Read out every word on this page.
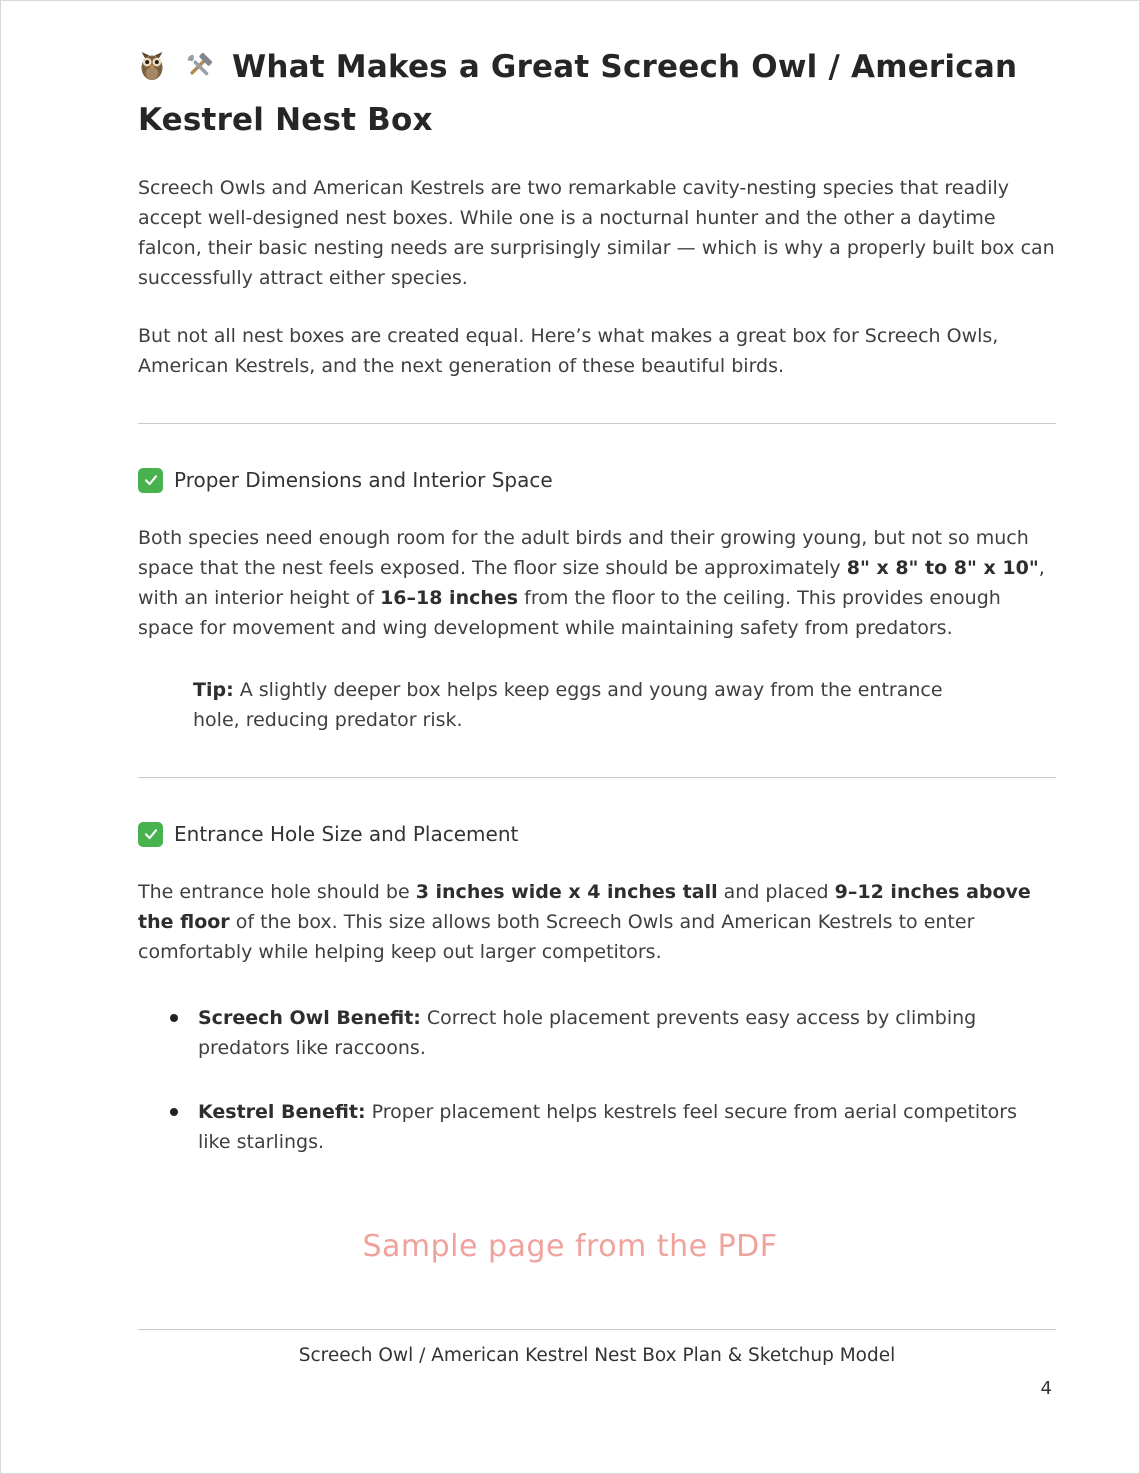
What Makes a Great Screech Owl / American Kestrel Nest Box

Screech Owls and American Kestrels are two remarkable cavity-nesting species that readily accept well-designed nest boxes. While one is a nocturnal hunter and the other a daytime falcon, their basic nesting needs are surprisingly similar — which is why a properly built box can successfully attract either species.

But not all nest boxes are created equal. Here’s what makes a great box for Screech Owls, American Kestrels, and the next generation of these beautiful birds.

Proper Dimensions and Interior Space

Both species need enough room for the adult birds and their growing young, but not so much space that the nest feels exposed. The floor size should be approximately 8" x 8" to 8" x 10", with an interior height of 16–18 inches from the floor to the ceiling. This provides enough space for movement and wing development while maintaining safety from predators.

Tip: A slightly deeper box helps keep eggs and young away from the entrance hole, reducing predator risk.

Entrance Hole Size and Placement

The entrance hole should be 3 inches wide x 4 inches tall and placed 9–12 inches above the floor of the box. This size allows both Screech Owls and American Kestrels to enter comfortably while helping keep out larger competitors.

Screech Owl Benefit: Correct hole placement prevents easy access by climbing predators like raccoons.
Kestrel Benefit: Proper placement helps kestrels feel secure from aerial competitors like starlings.
Sample page from the PDF
Screech Owl / American Kestrel Nest Box Plan & Sketchup Model
4
